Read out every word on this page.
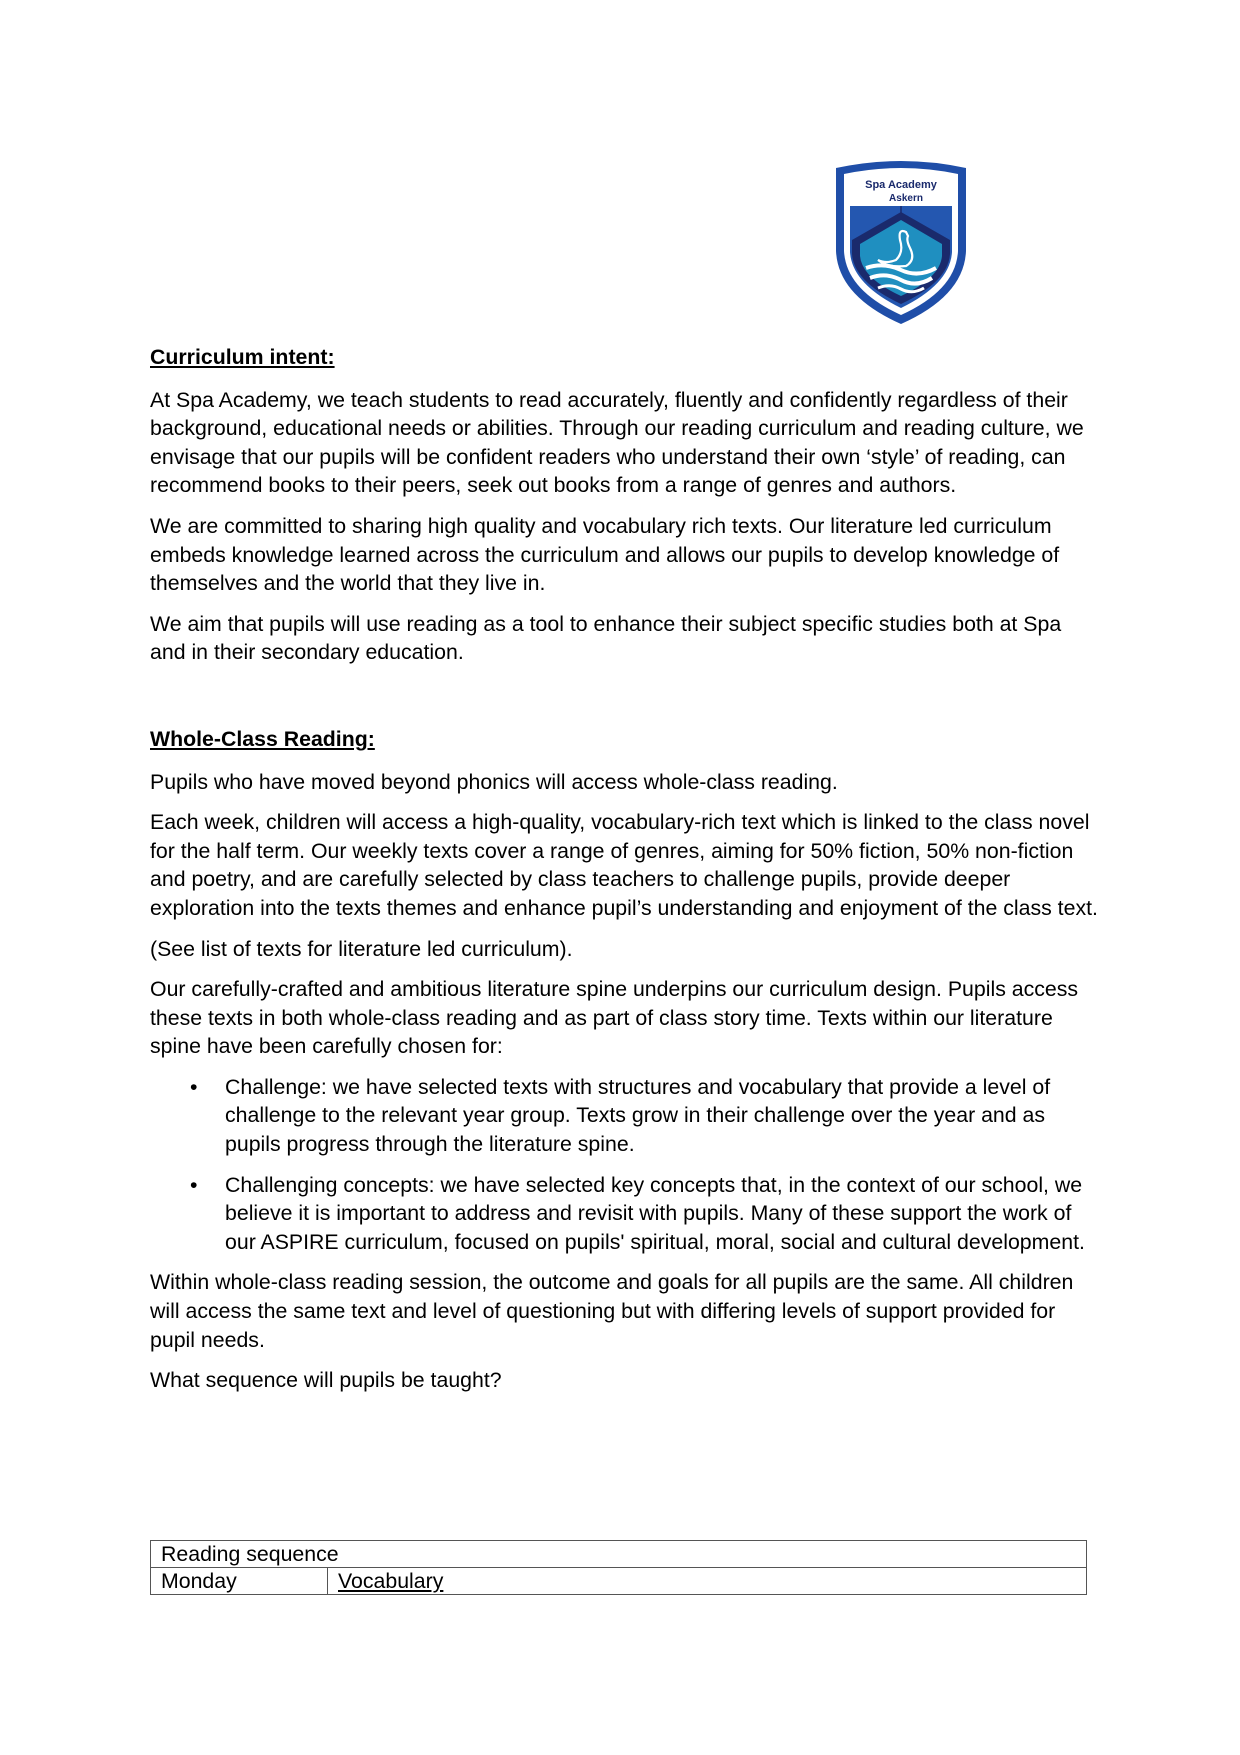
Spa Academy
Askern
Curriculum intent:

At Spa Academy, we teach students to read accurately, fluently and confidently regardless of their background, educational needs or abilities. Through our reading curriculum and reading culture, we envisage that our pupils will be confident readers who understand their own ‘style’ of reading, can recommend books to their peers, seek out books from a range of genres and authors.

We are committed to sharing high quality and vocabulary rich texts. Our literature led curriculum embeds knowledge learned across the curriculum and allows our pupils to develop knowledge of themselves and the world that they live in.

We aim that pupils will use reading as a tool to enhance their subject specific studies both at Spa and in their secondary education.

Whole-Class Reading:

Pupils who have moved beyond phonics will access whole-class reading.

Each week, children will access a high-quality, vocabulary-rich text which is linked to the class novel for the half term. Our weekly texts cover a range of genres, aiming for 50% fiction, 50% non-fiction and poetry, and are carefully selected by class teachers to challenge pupils, provide deeper exploration into the texts themes and enhance pupil’s understanding and enjoyment of the class text.

(See list of texts for literature led curriculum).

Our carefully-crafted and ambitious literature spine underpins our curriculum design. Pupils access these texts in both whole-class reading and as part of class story time. Texts within our literature spine have been carefully chosen for:

• Challenge: we have selected texts with structures and vocabulary that provide a level of challenge to the relevant year group. Texts grow in their challenge over the year and as pupils progress through the literature spine.
• Challenging concepts: we have selected key concepts that, in the context of our school, we believe it is important to address and revisit with pupils. Many of these support the work of our ASPIRE curriculum, focused on pupils' spiritual, moral, social and cultural development.

Within whole-class reading session, the outcome and goals for all pupils are the same. All children will access the same text and level of questioning but with differing levels of support provided for pupil needs.

What sequence will pupils be taught?

Reading sequence
Monday	Vocabulary
